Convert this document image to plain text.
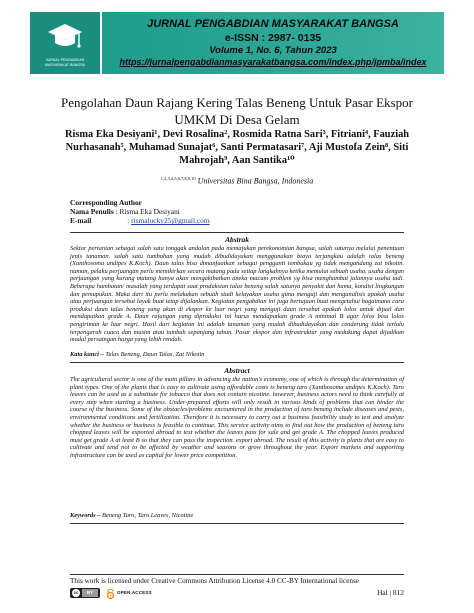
JURNAL PENGABDIAN
MASYARAKAT BANGSA
JURNAL PENGABDIAN MASYARAKAT BANGSA
e-ISSN : 2987- 0135
Volume 1, No. 6, Tahun 2023
https://jurnalpengabdianmasyarakatbangsa.com/index.php/jpmba/index
Pengolahan Daun Rajang Kering Talas Beneng Untuk Pasar Ekspor UMKM Di Desa Gelam
Risma Eka Desiyani¹, Devi Rosalina², Rosmida Ratna Sari³, Fitriani⁴, Fauziah Nurhasanah⁵, Muhamad Sunajat⁶, Santi Permatasari⁷, Aji Mustofa Zein⁸, Siti Mahrojah⁹, Aan Santika¹⁰
$^{1,2,3,4,5,6,7,8,9,10}$ Universitas Bina Bangsa, Indonesia
Corresponding Author
Nama Penulis : Risma Eka Desiyani
E-mail	: rismalucky25@gmail.com
Abstrak
Sektor pertanian sebagai salah satu tonggak andalan pada memajukan perekonomian bangsa, salah satunya melalui penentuan jenis tanaman. salah satu tumbuhan yang mudah dibudidayakan menggunakan biaya terjangkau adalah talas beneng (Xanthosoma undipes K.Koch). Daun talas bisa dimanfaatkan sebagai pengganti tembakau yg tidak mengandung zat nikotin. namun, pelaku perjuangan perlu memikirkan secara matang pada setiap langkahnya ketika memulai sebuah usaha. usaha dengan perjuangan yang kurang matang hanya akan mengakibatkan aneka macam problem yg bisa menghambat jalannya usaha tadi. Beberapa hambatan/ masalah yang terdapat saat produksian talas beneng salah satunya penyakit dan hama, kondisi lingkungan dan pemupukan. Maka dari itu perlu melakukan sebuah studi kelayakan usaha guna menguji dan menganalisis apakah usaha atau perjuangan tersebut layak buat tetap dijalankan. Kegiatan pengabdian ini juga bertujuan buat mengetahui bagaimana cara produksi daun talas beneng yang akan di ekspor ke luar negri yang menguji daun tersebut apakah lolos untuk dijual dan mendapatkan grade A. Daun rajangan yang diproduksi ini harus mendapatkan grade A minimal B agar lolos bisa lolos pengiriman ke luar negri. Hasil dari kegiatan ini adalah tanaman yang mudah dibudidayakan dan cenderung tidak terlalu terpengaruh cuaca dan musim atau tumbuh sepanjang tahun. Pasar ekspor dan infrastruktur yang medukung dapat dijadikan modal persaingan harga yang lebih rendah.
Kata kunci – Talas Beneng, Daun Talas, Zat Nikotin
Abstract
The agricultural sector is one of the main pillars in advancing the nation's economy, one of which is through the determination of plant types. One of the plants that is easy to cultivate using affordable costs is beneng taro (Xanthosoma undipes K.Koch). Taro leaves can be used as a substitute for tobacco that does not contain nicotine. however, business actors need to think carefully at every step when starting a business. Under-prepared efforts will only result in various kinds of problems that can hinder the course of the business. Some of the obstacles/problems encountered in the production of taro beneng include diseases and pests, environmental conditions and fertilization. Therefore it is necessary to carry out a business feasibility study to test and analyze whether the business or business is feasible to continue. This service activity aims to find out how the production of beneng taro chopped leaves will be exported abroad to test whether the leaves pass for sale and get grade A. The chopped leaves produced must get grade A at least B so that they can pass the inspection. export abroad. The result of this activity is plants that are easy to cultivate and tend not to be affected by weather and seasons or grow throughout the year. Export markets and supporting infrastructure can be used as capital for lower price competition.
Keywords – Beneng Taro, Taro Leaves, Nicotine
This work is licensed under Creative Commons Attribution License 4.0 CC-BY International license
cc	BY	OPEN ACCESS	Hal | 812
